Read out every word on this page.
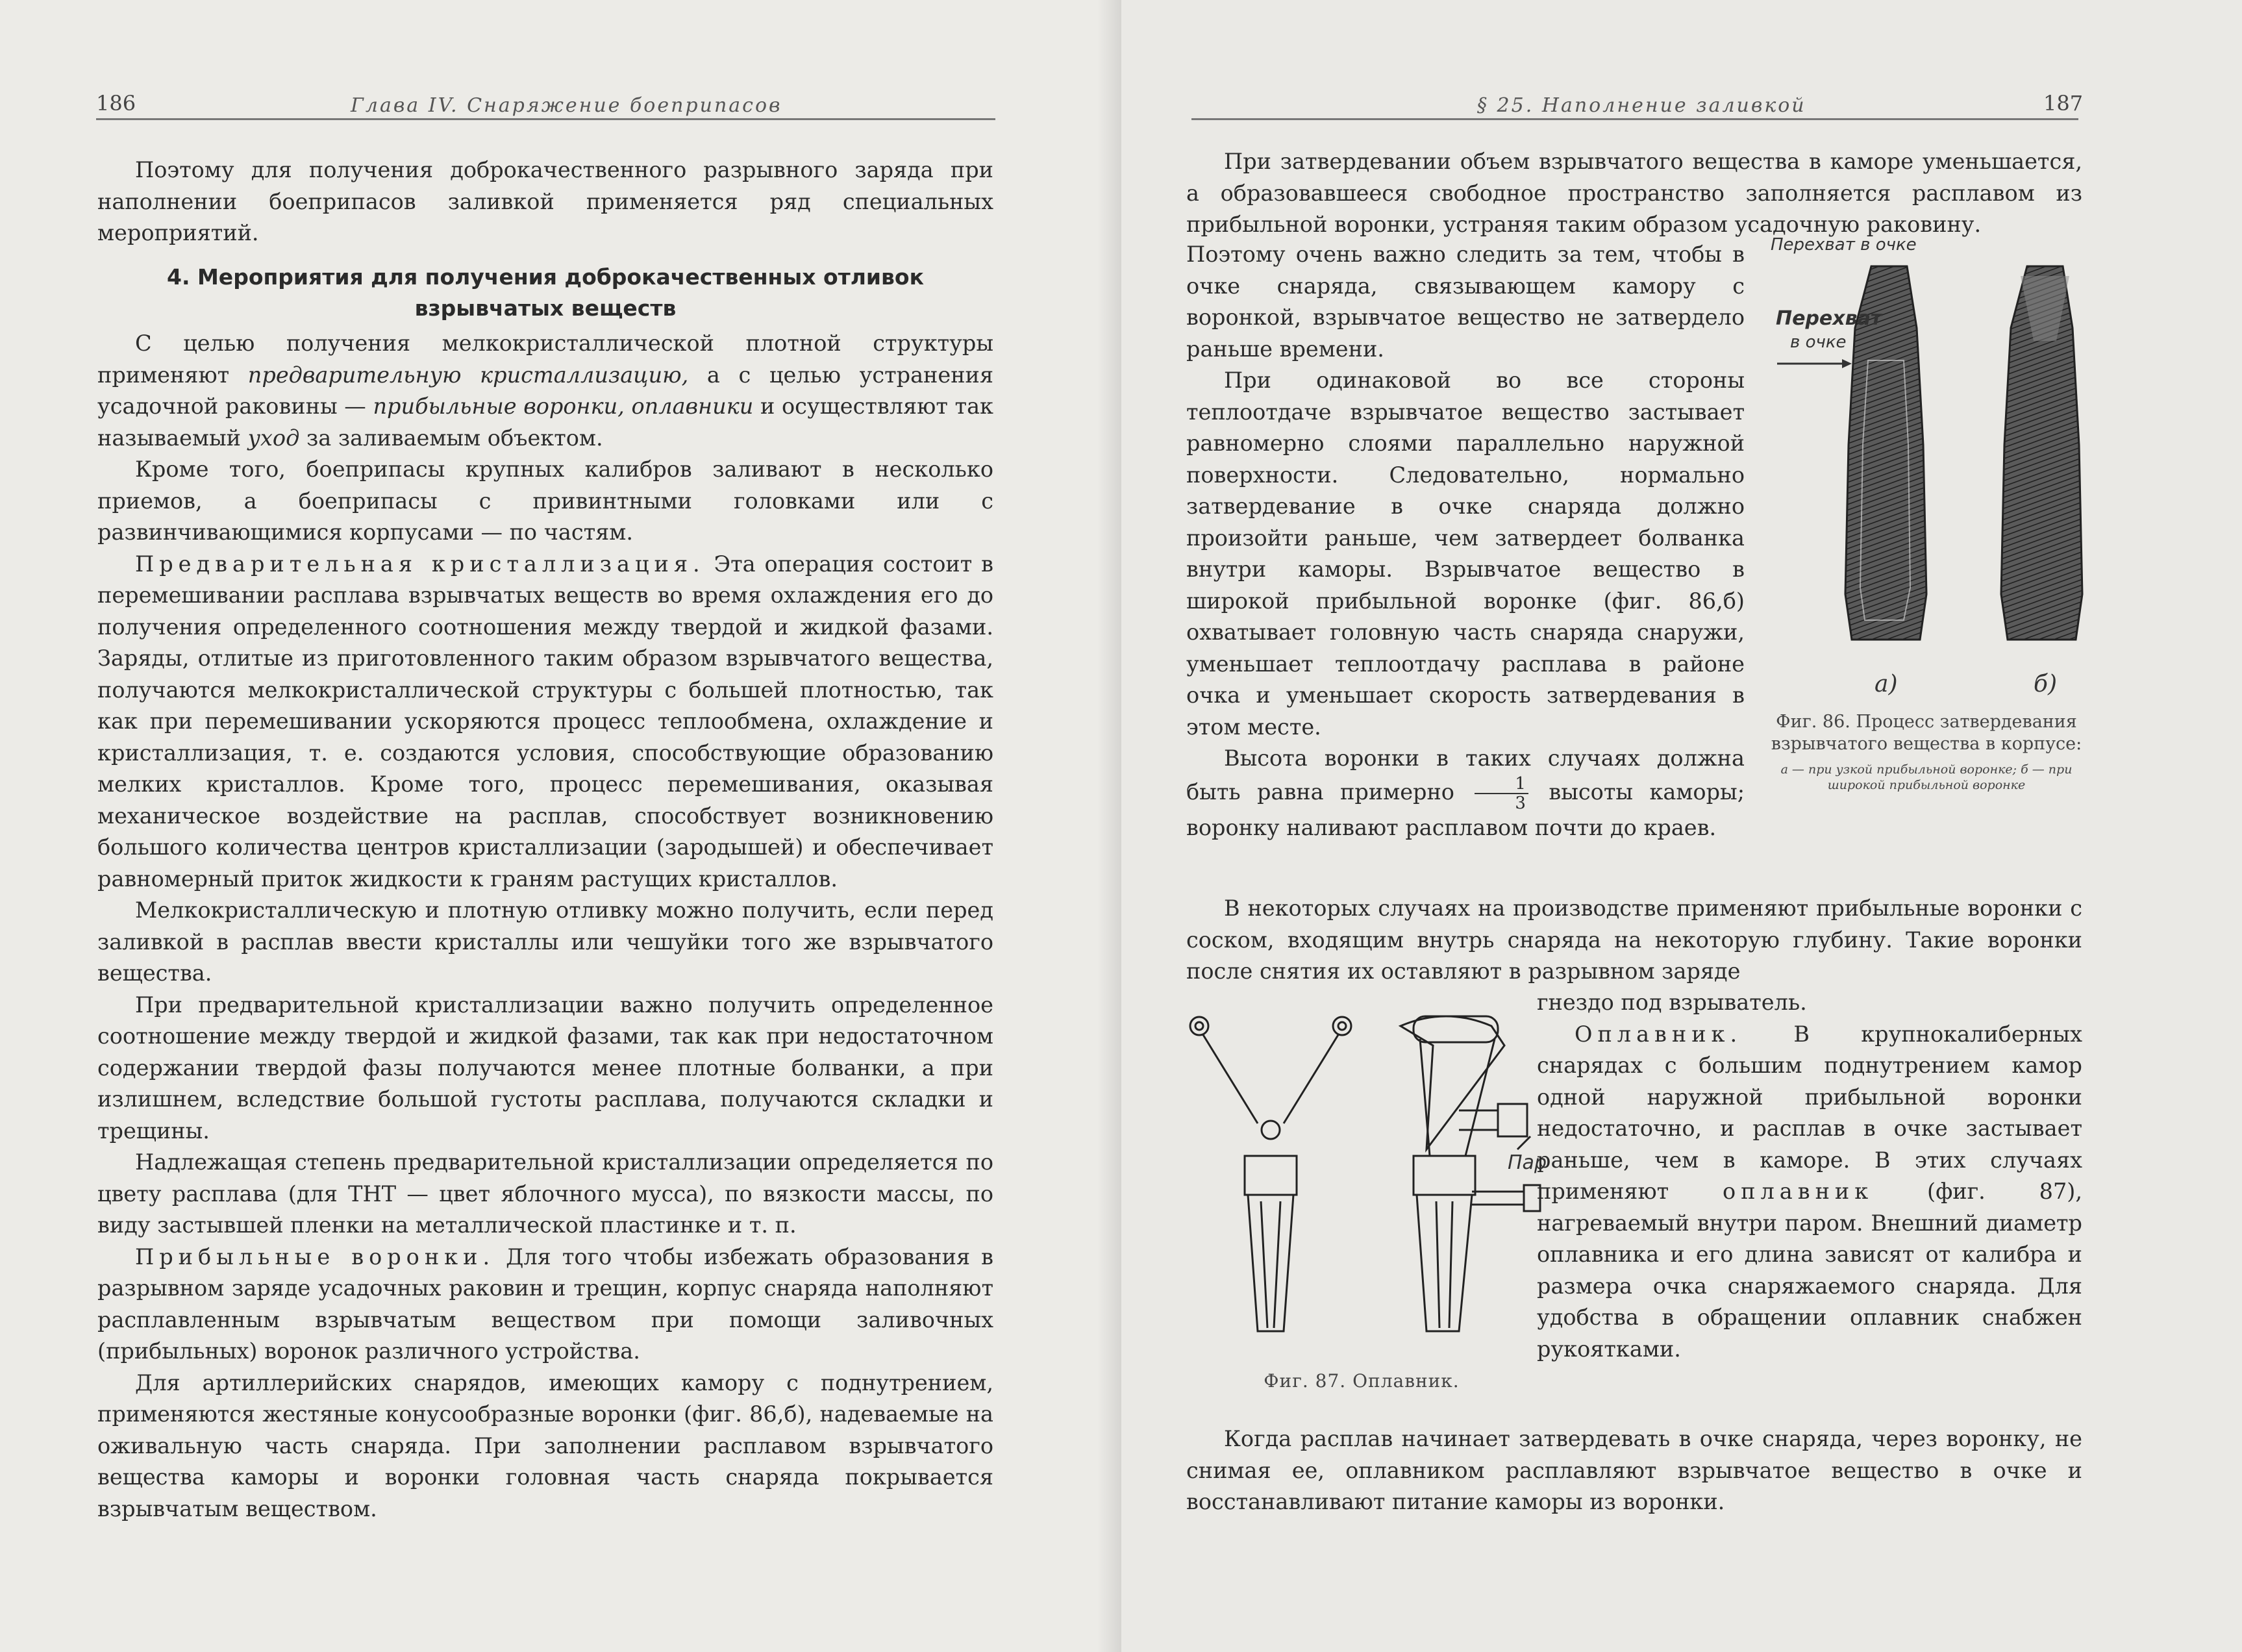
186	Глава IV. Снаряжение боеприпасов

Поэтому для получения доброкачественного разрывного заряда при наполнении боеприпасов заливкой применяется ряд специальных мероприятий.

4. Мероприятия для получения доброкачественных отливок взрывчатых веществ

С целью получения мелкокристаллической плотной структуры применяют предварительную кристаллизацию, а с целью устранения усадочной раковины — прибыльные воронки, оплавники и осуществляют так называемый уход за заливаемым объектом.

Кроме того, боеприпасы крупных калибров заливают в несколько приемов, а боеприпасы с привинтными головками или с развинчивающимися корпусами — по частям.

Предварительная кристаллизация. Эта операция состоит в перемешивании расплава взрывчатых веществ во время охлаждения его до получения определенного соотношения между твердой и жидкой фазами. Заряды, отлитые из приготовленного таким образом взрывчатого вещества, получаются мелкокристаллической структуры с большей плотностью, так как при перемешивании ускоряются процесс теплообмена, охлаждение и кристаллизация, т. е. создаются условия, способствующие образованию мелких кристаллов. Кроме того, процесс перемешивания, оказывая механическое воздействие на расплав, способствует возникновению большого количества центров кристаллизации (зародышей) и обеспечивает равномерный приток жидкости к граням растущих кристаллов.

Мелкокристаллическую и плотную отливку можно получить, если перед заливкой в расплав ввести кристаллы или чешуйки того же взрывчатого вещества.

При предварительной кристаллизации важно получить определенное соотношение между твердой и жидкой фазами, так как при недостаточном содержании твердой фазы получаются менее плотные болванки, а при излишнем, вследствие большой густоты расплава, получаются складки и трещины.

Надлежащая степень предварительной кристаллизации определяется по цвету расплава (для ТНТ — цвет яблочного мусса), по вязкости массы, по виду застывшей пленки на металлической пластинке и т. п.

Прибыльные воронки. Для того чтобы избежать образования в разрывном заряде усадочных раковин и трещин, корпус снаряда наполняют расплавленным взрывчатым веществом при помощи заливочных (прибыльных) воронок различного устройства.

Для артиллерийских снарядов, имеющих камору с поднутрением, применяются жестяные конусообразные воронки (фиг. 86,б), надеваемые на оживальную часть снаряда. При заполнении расплавом взрывчатого вещества каморы и воронки головная часть снаряда покрывается взрывчатым веществом.

§ 25. Наполнение заливкой	187

При затвердевании объем взрывчатого вещества в каморе уменьшается, а образовавшееся свободное пространство заполняется расплавом из прибыльной воронки, устраняя таким образом усадочную раковину.

Поэтому очень важно следить за тем, чтобы в очке снаряда, связывающем камору с воронкой, взрывчатое вещество не затвердело раньше времени.

При одинаковой во все стороны теплоотдаче взрывчатое вещество застывает равномерно слоями параллельно наружной поверхности. Следовательно, нормально затвердевание в очке снаряда должно произойти раньше, чем затвердеет болванка внутри каморы. Взрывчатое вещество в широкой прибыльной воронке (фиг. 86,б) охватывает головную часть снаряда снаружи, уменьшает теплоотдачу расплава в районе очка и уменьшает скорость затвердевания в этом месте.

Высота воронки в таких случаях должна быть равна примерно $\frac{1}{3}$ высоты каморы; воронку наливают расплавом почти до краев.

Перехват в очке
Перехват
в очке
а)	б)
Фиг. 86. Процесс затвердевания взрывчатого вещества в корпусе:
а — при узкой прибыльной воронке; б — при широкой прибыльной воронке

В некоторых случаях на производстве применяют прибыльные воронки с соском, входящим внутрь снаряда на некоторую глубину. Такие воронки после снятия их оставляют в разрывном заряде

Пар
Фиг. 87. Оплавник.

гнездо под взрыватель.

Оплавник. В крупнокалиберных снарядах с большим поднутрением камор одной наружной прибыльной воронки недостаточно, и расплав в очке застывает раньше, чем в каморе. В этих случаях применяют оплавник (фиг. 87), нагреваемый внутри паром. Внешний диаметр оплавника и его длина зависят от калибра и размера очка снаряжаемого снаряда. Для удобства в обращении оплавник снабжен рукоятками.

Когда расплав начинает затвердевать в очке снаряда, через воронку, не снимая ее, оплавником расплавляют взрывчатое вещество в очке и восстанавливают питание каморы из воронки.
